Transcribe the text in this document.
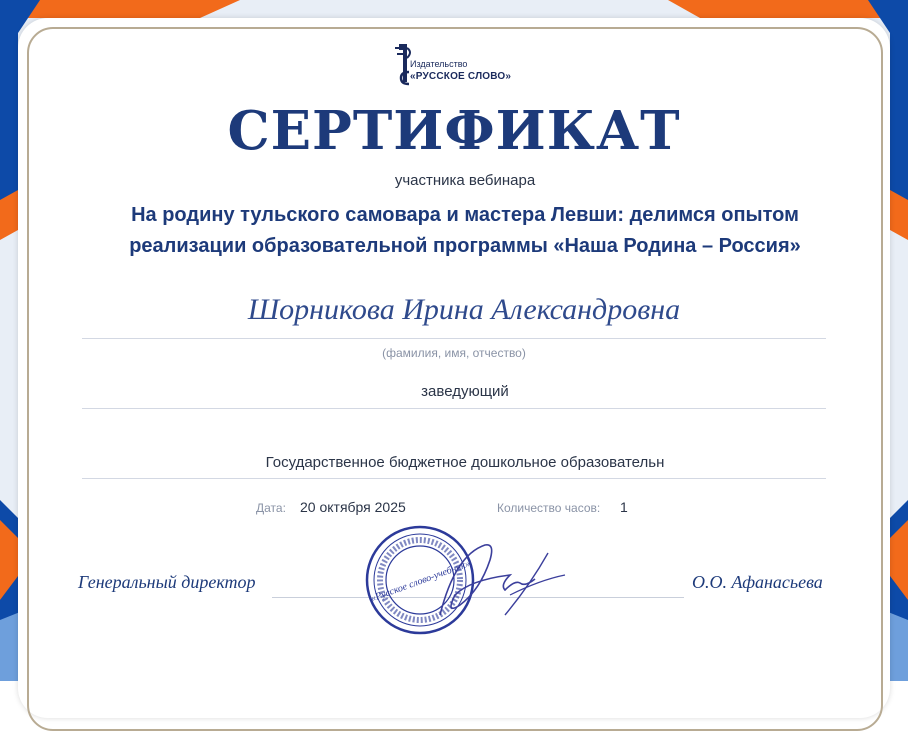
Издательство
«РУССКОЕ СЛОВО»
СЕРТИФИКАТ
участника вебинара
На родину тульского самовара и мастера Левши: делимся опытом реализации образовательной программы «Наша Родина – Россия»
Шорникова Ирина Александровна
(фамилия, имя, отчество)
заведующий
Государственное бюджетное дошкольное образовательн
Дата: 20 октября 2025	Количество часов: 1
Генеральный директор	О.О. Афанасьева
«Русское слово-учебник»
